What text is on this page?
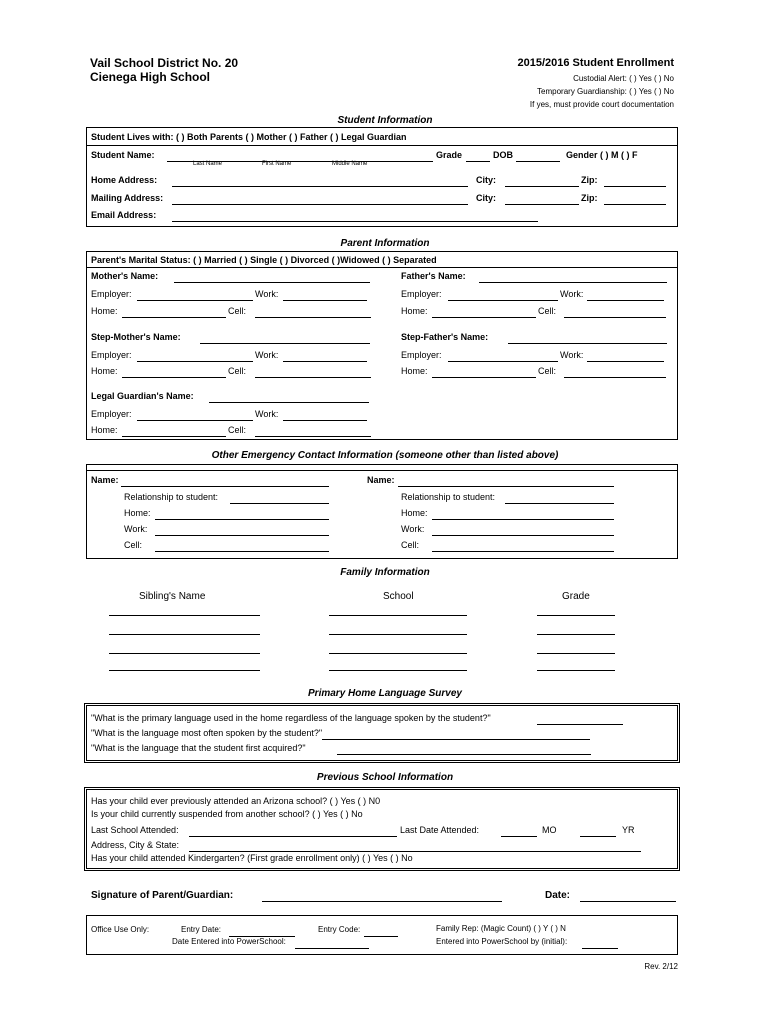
Vail School District No. 20
Cienega High School
2015/2016 Student Enrollment
Custodial Alert: ( ) Yes ( ) No
Temporary Guardianship: ( ) Yes ( ) No
If yes, must provide court documentation
Student Information
Student Lives with: ( ) Both Parents ( ) Mother ( ) Father ( ) Legal Guardian
Student Name:
Last Name	First Name	Middle Name
Grade	DOB	Gender ( ) M ( ) F
Home Address:	City:	Zip:
Mailing Address:	City:	Zip:
Email Address:
Parent Information
Parent's Marital Status: ( ) Married ( ) Single ( ) Divorced ( )Widowed ( ) Separated
Mother's Name:	Father's Name:
Employer:	Work:	Employer:	Work:
Home:	Cell:	Home:	Cell:
Step-Mother's Name:	Step-Father's Name:
Employer:	Work:	Employer:	Work:
Home:	Cell:	Home:	Cell:
Legal Guardian's Name:
Employer:	Work:
Home:	Cell:
Other Emergency Contact Information (someone other than listed above)
Name:	Name:
Relationship to student:	Relationship to student:
Home:	Home:
Work:	Work:
Cell:	Cell:
Family Information
Sibling's Name	School	Grade
Primary Home Language Survey
"What is the primary language used in the home regardless of the language spoken by the student?"
"What is the language most often spoken by the student?"
"What is the language that the student first acquired?"
Previous School Information
Has your child ever previously attended an Arizona school? ( ) Yes ( ) N0
Is your child currently suspended from another school? ( ) Yes ( ) No
Last School Attended:	Last Date Attended:	MO	YR
Address, City & State:
Has your child attended Kindergarten? (First grade enrollment only) ( ) Yes ( ) No
Signature of Parent/Guardian:	Date:
Office Use Only:	Entry Date:	Entry Code:	Family Rep: (Magic Count) ( ) Y ( ) N
Date Entered into PowerSchool:	Entered into PowerSchool by (initial):
Rev. 2/12
